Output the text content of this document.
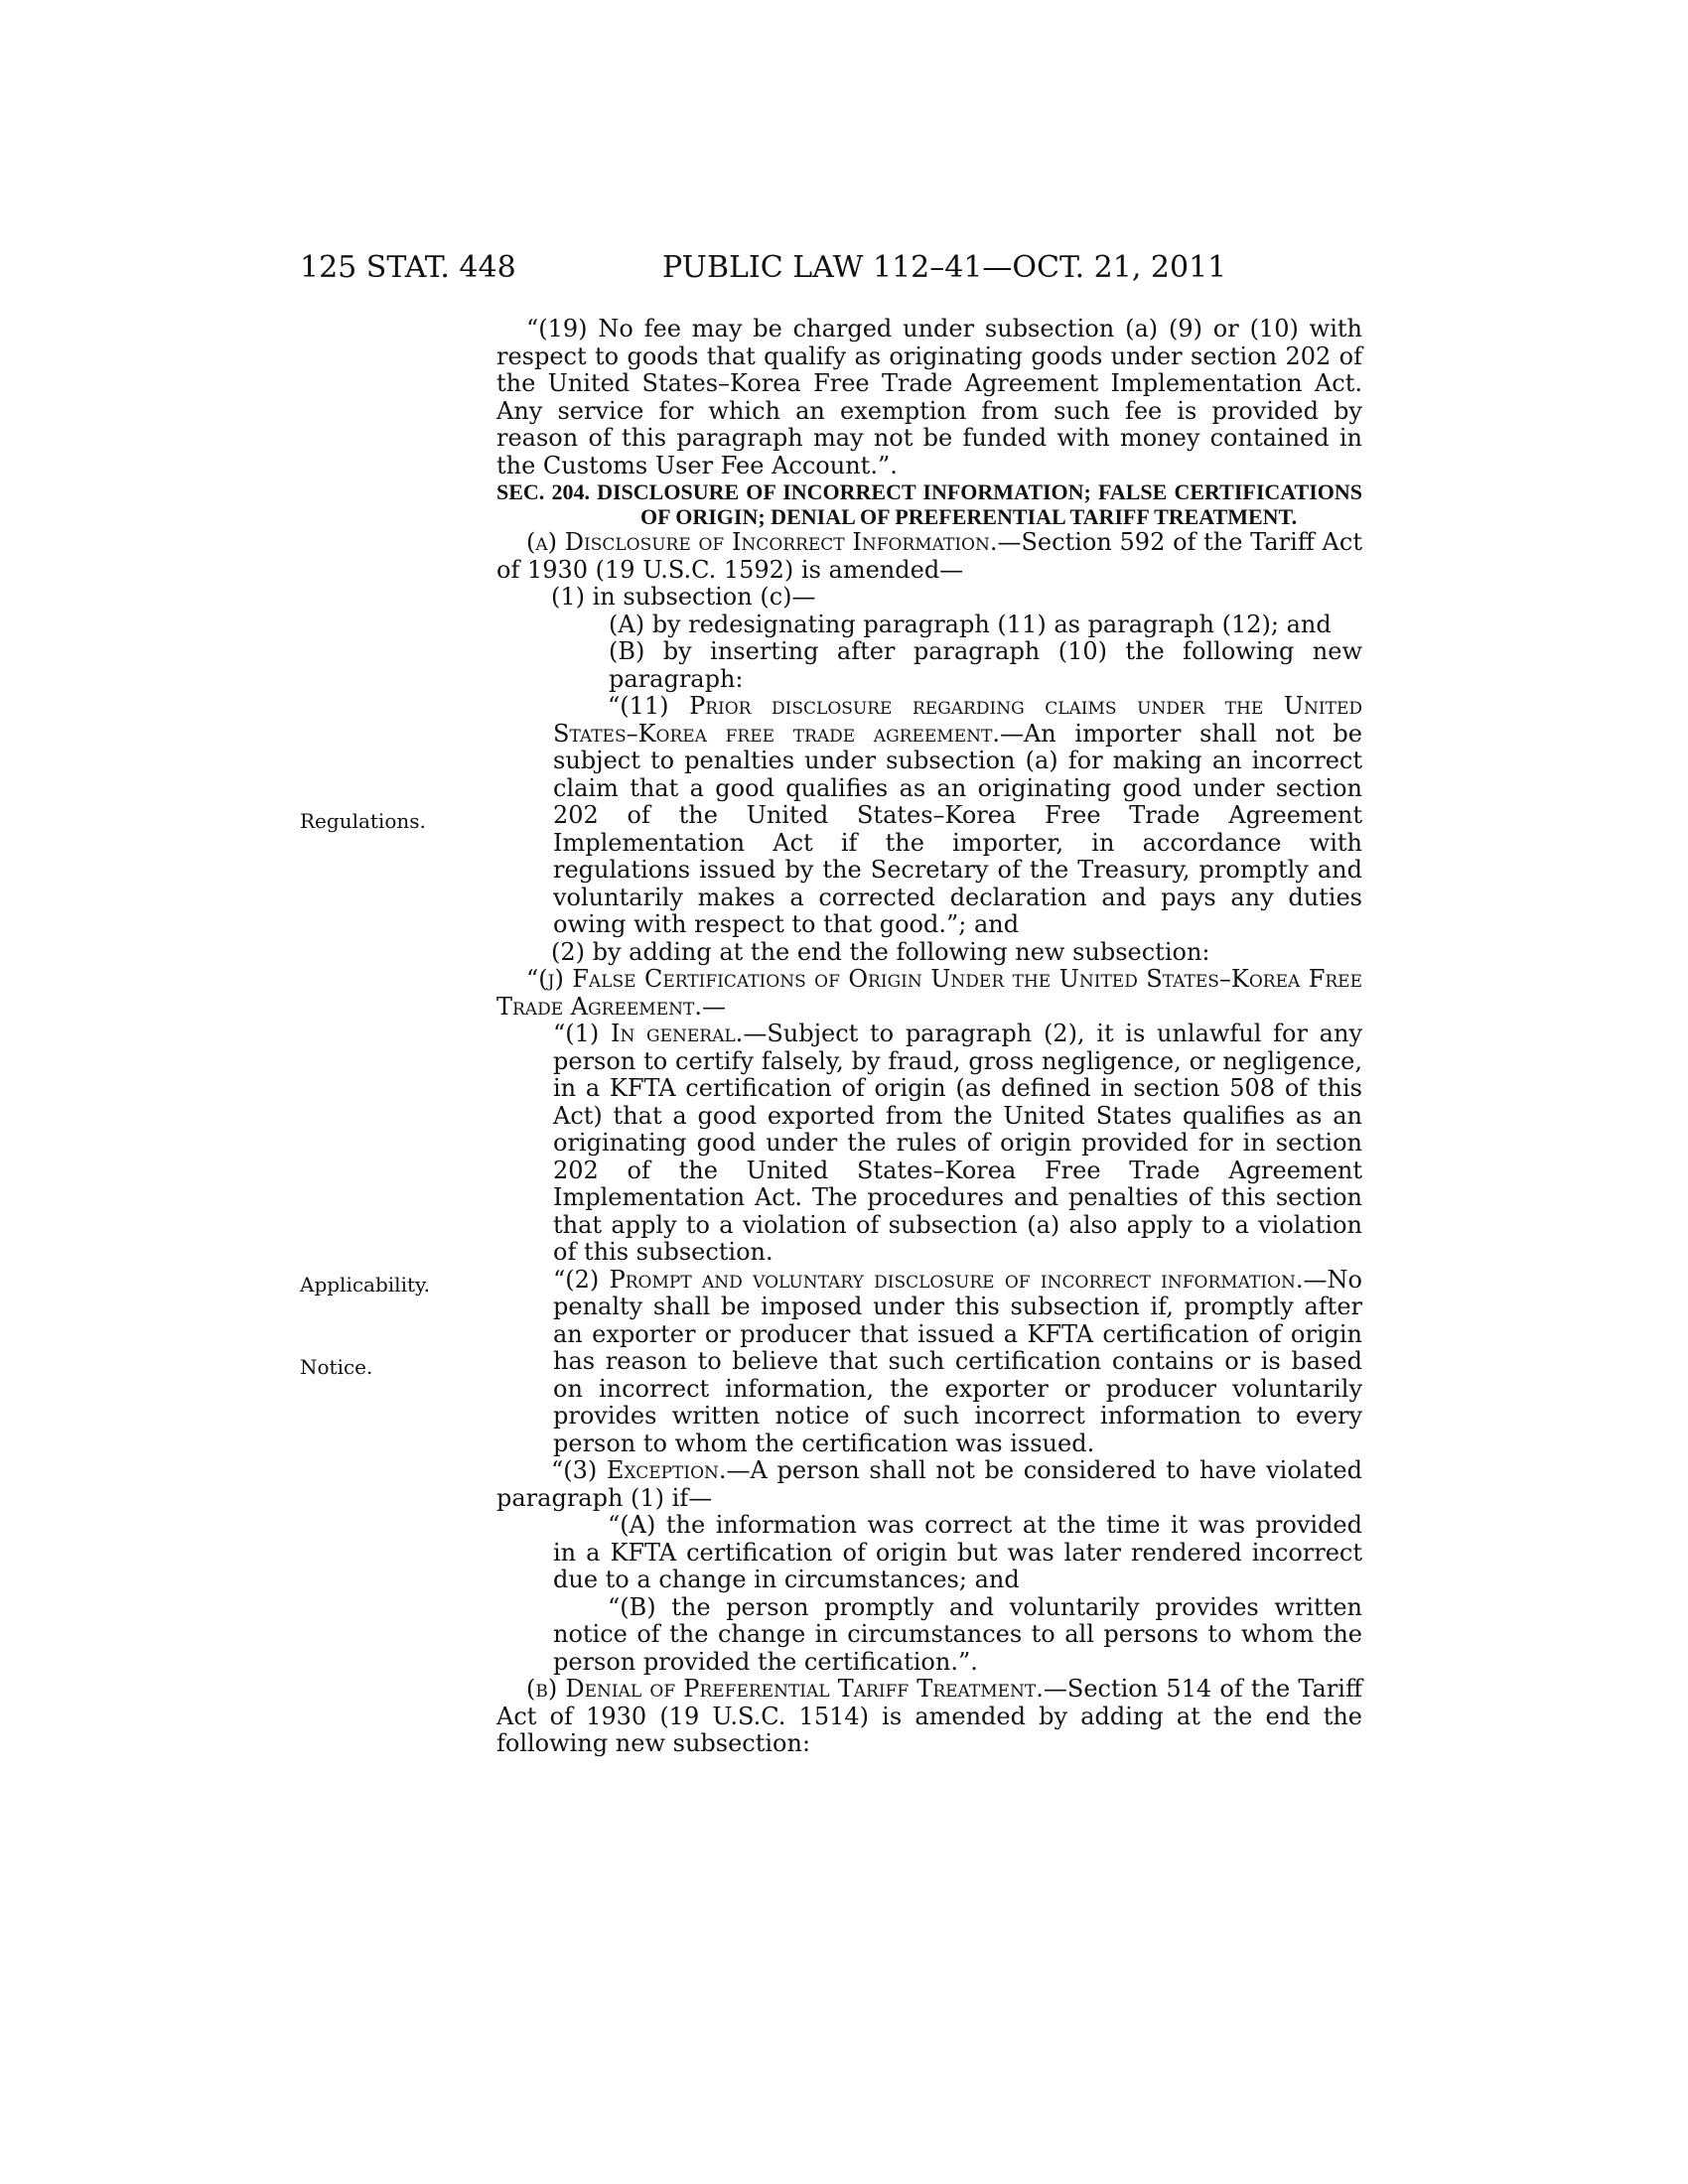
125 STAT. 448	PUBLIC LAW 112–41—OCT. 21, 2011
Regulations.
Applicability.
Notice.

“(19) No fee may be charged under subsection (a) (9) or (10) with respect to goods that qualify as originating goods under section 202 of the United States–Korea Free Trade Agreement Implementation Act. Any service for which an exemption from such fee is provided by reason of this paragraph may not be funded with money contained in the Customs User Fee Account.”.

SEC. 204. DISCLOSURE OF INCORRECT INFORMATION; FALSE CERTIFICATIONS OF ORIGIN; DENIAL OF PREFERENTIAL TARIFF TREATMENT.

(a) Disclosure of Incorrect Information.—Section 592 of the Tariff Act of 1930 (19 U.S.C. 1592) is amended—

(1) in subsection (c)—

(A) by redesignating paragraph (11) as paragraph (12); and

(B) by inserting after paragraph (10) the following new paragraph:

“(11) Prior disclosure regarding claims under the United States–Korea free trade agreement.—An importer shall not be subject to penalties under subsection (a) for making an incorrect claim that a good qualifies as an originating good under section 202 of the United States–Korea Free Trade Agreement Implementation Act if the importer, in accordance with regulations issued by the Secretary of the Treasury, promptly and voluntarily makes a corrected declaration and pays any duties owing with respect to that good.”; and

(2) by adding at the end the following new subsection:

“(j) False Certifications of Origin Under the United States–Korea Free Trade Agreement.—

“(1) In general.—Subject to paragraph (2), it is unlawful for any person to certify falsely, by fraud, gross negligence, or negligence, in a KFTA certification of origin (as defined in section 508 of this Act) that a good exported from the United States qualifies as an originating good under the rules of origin provided for in section 202 of the United States–Korea Free Trade Agreement Implementation Act. The procedures and penalties of this section that apply to a violation of subsection (a) also apply to a violation of this subsection.

“(2) Prompt and voluntary disclosure of incorrect information.—No penalty shall be imposed under this subsection if, promptly after an exporter or producer that issued a KFTA certification of origin has reason to believe that such certification contains or is based on incorrect information, the exporter or producer voluntarily provides written notice of such incorrect information to every person to whom the certification was issued.

“(3) Exception.—A person shall not be considered to have violated paragraph (1) if—

“(A) the information was correct at the time it was provided in a KFTA certification of origin but was later rendered incorrect due to a change in circumstances; and

“(B) the person promptly and voluntarily provides written notice of the change in circumstances to all persons to whom the person provided the certification.”.

(b) Denial of Preferential Tariff Treatment.—Section 514 of the Tariff Act of 1930 (19 U.S.C. 1514) is amended by adding at the end the following new subsection:
